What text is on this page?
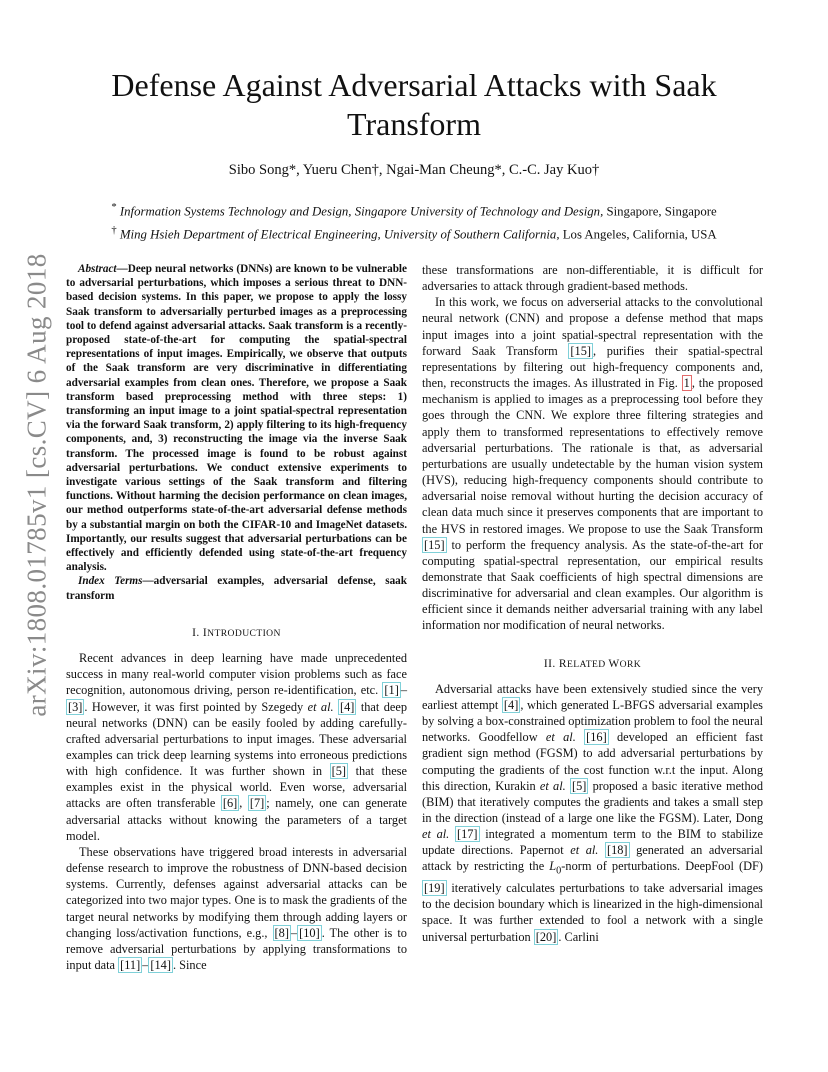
arXiv:1808.01785v1 [cs.CV] 6 Aug 2018
Defense Against Adversarial Attacks with Saak Transform
Sibo Song*, Yueru Chen†, Ngai-Man Cheung*, C.-C. Jay Kuo†
* Information Systems Technology and Design, Singapore University of Technology and Design, Singapore, Singapore
† Ming Hsieh Department of Electrical Engineering, University of Southern California, Los Angeles, California, USA

Abstract—Deep neural networks (DNNs) are known to be vulnerable to adversarial perturbations, which imposes a serious threat to DNN-based decision systems. In this paper, we propose to apply the lossy Saak transform to adversarially perturbed images as a preprocessing tool to defend against adversarial attacks. Saak transform is a recently-proposed state-of-the-art for computing the spatial-spectral representations of input images. Empirically, we observe that outputs of the Saak transform are very discriminative in differentiating adversarial examples from clean ones. Therefore, we propose a Saak transform based preprocessing method with three steps: 1) transforming an input image to a joint spatial-spectral representation via the forward Saak transform, 2) apply filtering to its high-frequency components, and, 3) reconstructing the image via the inverse Saak transform. The processed image is found to be robust against adversarial perturbations. We conduct extensive experiments to investigate various settings of the Saak transform and filtering functions. Without harming the decision performance on clean images, our method outperforms state-of-the-art adversarial defense methods by a substantial margin on both the CIFAR-10 and ImageNet datasets. Importantly, our results suggest that adversarial perturbations can be effectively and efficiently defended using state-of-the-art frequency analysis.

Index Terms—adversarial examples, adversarial defense, saak transform

I. INTRODUCTION

Recent advances in deep learning have made unprecedented success in many real-world computer vision problems such as face recognition, autonomous driving, person re-identification, etc. [1] –[3] . However, it was first pointed by Szegedy et al. [4] that deep neural networks (DNN) can be easily fooled by adding carefully-crafted adversarial perturbations to input images. These adversarial examples can trick deep learning systems into erroneous predictions with high confidence. It was further shown in [5] that these examples exist in the physical world. Even worse, adversarial attacks are often transferable [6] , [7] ; namely, one can generate adversarial attacks without knowing the parameters of a target model.

These observations have triggered broad interests in adversarial defense research to improve the robustness of DNN-based decision systems. Currently, defenses against adversarial attacks can be categorized into two major types. One is to mask the gradients of the target neural networks by modifying them through adding layers or changing loss/activation functions, e.g., [8] – [10] . The other is to remove adversarial perturbations by applying transformations to input data [11] – [14] . Since

these transformations are non-differentiable, it is difficult for adversaries to attack through gradient-based methods.

In this work, we focus on adverserial attacks to the convolutional neural network (CNN) and propose a defense method that maps input images into a joint spatial-spectral representation with the forward Saak Transform [15] , purifies their spatial-spectral representations by filtering out high-frequency components and, then, reconstructs the images. As illustrated in Fig. 1 , the proposed mechanism is applied to images as a preprocessing tool before they goes through the CNN. We explore three filtering strategies and apply them to transformed representations to effectively remove adversarial perturbations. The rationale is that, as adversarial perturbations are usually undetectable by the human vision system (HVS), reducing high-frequency components should contribute to adversarial noise removal without hurting the decision accuracy of clean data much since it preserves components that are important to the HVS in restored images. We propose to use the Saak Transform [15] to perform the frequency analysis. As the state-of-the-art for computing spatial-spectral representation, our empirical results demonstrate that Saak coefficients of high spectral dimensions are discriminative for adversarial and clean examples. Our algorithm is efficient since it demands neither adversarial training with any label information nor modification of neural networks.

II. RELATED WORK

Adversarial attacks have been extensively studied since the very earliest attempt [4] , which generated L-BFGS adversarial examples by solving a box-constrained optimization problem to fool the neural networks. Goodfellow et al. [16] developed an efficient fast gradient sign method (FGSM) to add adversarial perturbations by computing the gradients of the cost function w.r.t the input. Along this direction, Kurakin et al. [5] proposed a basic iterative method (BIM) that iteratively computes the gradients and takes a small step in the direction (instead of a large one like the FGSM). Later, Dong et al. [17] integrated a momentum term to the BIM to stabilize update directions. Papernot et al. [18] generated an adversarial attack by restricting the $L_0$-norm of perturbations. DeepFool (DF) [19] iteratively calculates perturbations to take adversarial images to the decision boundary which is linearized in the high-dimensional space. It was further extended to fool a network with a single universal perturbation [20] . Carlini
